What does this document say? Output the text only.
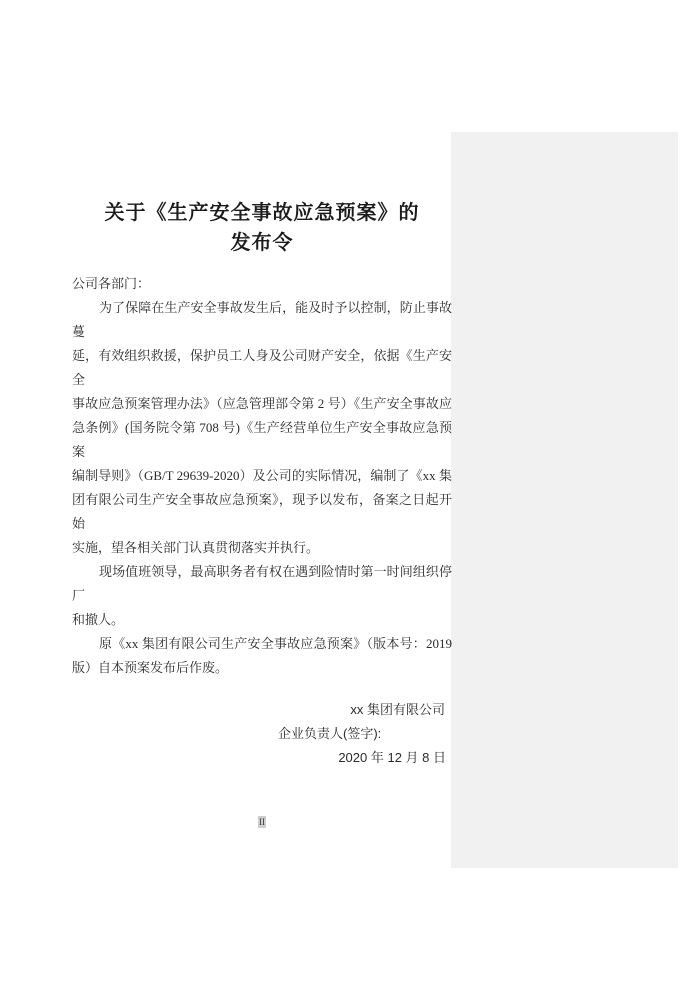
关于《生产安全事故应急预案》的
发布令
公司各部门：
为了保障在生产安全事故发生后，能及时予以控制，防止事故蔓
延，有效组织救援，保护员工人身及公司财产安全，依据《生产安全
事故应急预案管理办法》（应急管理部令第 2 号）《生产安全事故应
急条例》(国务院令第 708 号)《生产经营单位生产安全事故应急预案
编制导则》（GB/T 29639-2020）及公司的实际情况，编制了《xx 集
团有限公司生产安全事故应急预案》，现予以发布，备案之日起开始
实施，望各相关部门认真贯彻落实并执行。
现场值班领导，最高职务者有权在遇到险情时第一时间组织停厂
和撤人。
原《xx 集团有限公司生产安全事故应急预案》（版本号：2019
版）自本预案发布后作废。
xx 集团有限公司
企业负责人(签字):
2020 年 12 月 8 日
II
